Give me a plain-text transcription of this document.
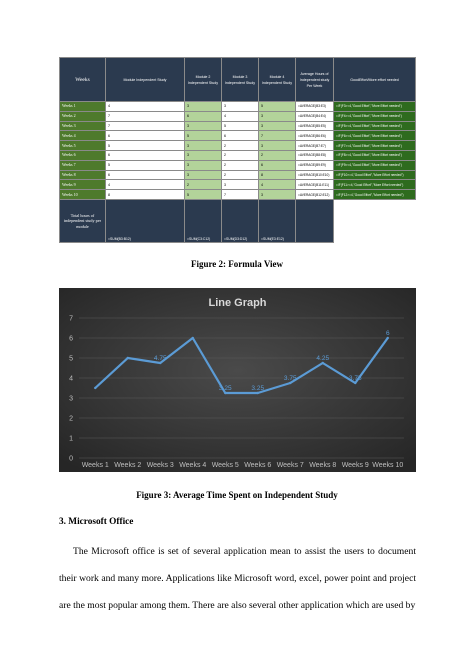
Weeks	Module Independent Study	Module 2 Independent Study	Module 3 Independent Study	Module 4 Independent Study	Average Hours of Independent study Per Week	GoodEffort/More effort needed
Weeks 1	4	3	3	5	=AVERAGE(B3:E3)	=IF(F3>=4,"Good Effort","More Effort needed")
Weeks 2	7	6	4	3	=AVERAGE(B4:E4)	=IF(F4>=4,"Good Effort","More Effort needed")
Weeks 3	7	3	5	3	=AVERAGE(B5:E5)	=IF(F5>=4,"Good Effort","More Effort needed")
Weeks 4	6	5	6	7	=AVERAGE(B6:E6)	=IF(F6>=4,"Good Effort","More Effort needed")
Weeks 5	5	3	2	3	=AVERAGE(B7:E7)	=IF(F7>=4,"Good Effort","More Effort needed")
Weeks 6	6	3	2	2	=AVERAGE(B8:E8)	=IF(F8>=4,"Good Effort","More Effort needed")
Weeks 7	5	3	2	6	=AVERAGE(B9:E9)	=IF(F9>=4,"Good Effort","More Effort needed")
Weeks 8	6	3	2	8	=AVERAGE(B10:E10)	=IF(F10>=4,"Good Effort","More Effort needed")
Weeks 9	4	2	3	4	=AVERAGE(B11:E11)	=IF(F11>=4,"Good Effort","More Effort needed")
Weeks 10	8	5	7	3	=AVERAGE(B12:E12)	=IF(F12>=4,"Good Effort","More Effort needed")
Total hours of independent study per module	=SUM(B3:B12)	=SUM(C3:C12)	=SUM(D3:D12)	=SUM(E3:E12)		
Figure 2: Formula View
Line Graph
0
1
2
3
4
5
6
7
Weeks 1 Weeks 2 Weeks 3 Weeks 4 Weeks 5 Weeks 6 Weeks 7 Weeks 8 Weeks 9 Weeks 10
4.75
3.25	3.25
3.75
4.25
3.75
6
Figure 3: Average Time Spent on Independent Study
3. Microsoft Office

The Microsoft office is set of several application mean to assist the users to document their work and many more. Applications like Microsoft word, excel, power point and project are the most popular among them. There are also several other application which are used by
